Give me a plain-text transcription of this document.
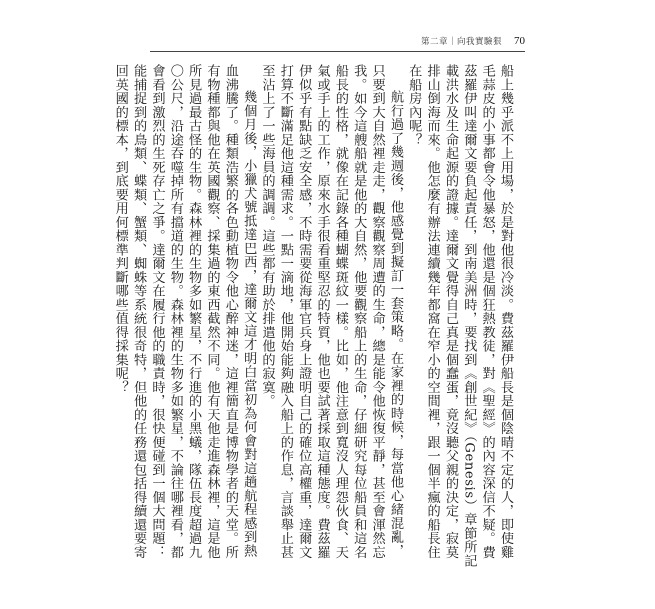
第二章｜向我實驗狠 70

船上幾乎派不上用場，於是對他很冷淡。費茲羅伊船長是個陰晴不定的人，即使雞毛蒜皮的小事都會令他暴怒，他還是個狂熱教徒，對《聖經》的內容深信不疑。費茲羅伊叫達爾文要負起責任，到南美洲時，要找到《創世紀》（Genesis）章節所記載洪水及生命起源的證據。達爾文覺得自己真是個蠢蛋，竟沒聽父親的決定，寂莫排山倒海而來。他怎麼有辦法連續幾年都窩在窄小的空間裡，跟一個半瘋的船長住在船房內呢？

航行過了幾週後，他感覺到擬訂一套策略。在家裡的時候，每當他心緒混亂，只要到大自然裡走走，觀察觀察周遭的生命，總是能令他恢復平靜，甚至會渾然忘我。如今這艘船就是他的大自然，他要觀察船上的生命，仔細研究每位船員和這名船長的性格，就像在記錄各種蝴蝶斑紋一樣。比如，他注意到寬沒人理怨伙食、天氣或手上的工作，原來水手很看重堅忍的特質，他也要試著採取這種態度。費茲羅伊似乎有點缺乏安全感，不時需要從海軍官兵身上證明自己的確位高權重，達爾文打算不斷滿足他這種需求。一點一滴地，他開始能夠融入船上的作息，言談舉止甚至沾上了一些海員的調調。這些都有助於排遣他的寂寞。

幾個月後，小獵犬號抵達巴西，達爾文這才明白當初為何會對這趟航程感到熱血沸騰了。種類浩繁的各色動植物令他心醉神迷，這裡簡直是博物學者的天堂。所有物種都與他在英國觀察、採集過的東西截然不同。他有天他走進森林裡，這是他所見過最古怪的生物。森林裡的生物多如繁星，不行進的小黑蟻，隊伍長度超過九〇公尺，沿途吞噬掉所有擋道的生物。森林裡的生物多如繁星，不論往哪裡看，都會看到激烈的生死存亡之爭。達爾文在履行他的職責時，很快便碰到一個大問題：能捕捉到的鳥類、蝶類、蟹類、蜘蛛等系統很奇特，但他的任務還包括得續還要寄回英國的標本，到底要用何標準判斷哪些值得採集呢？
